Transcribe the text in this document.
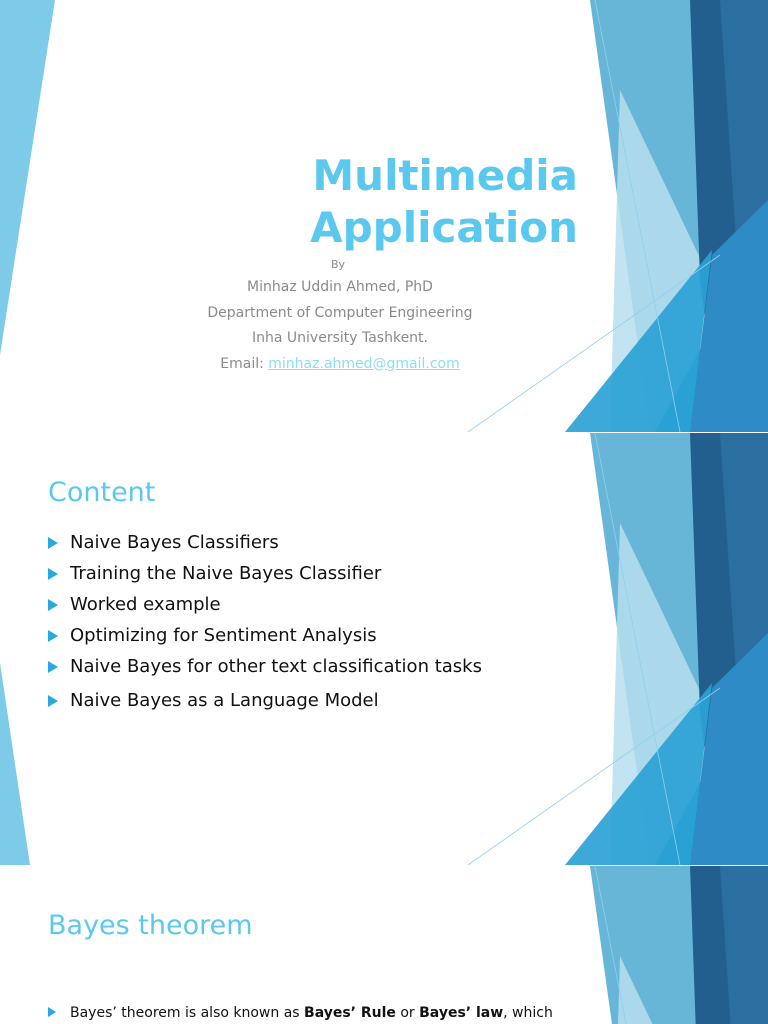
Multimedia
Application
By
Minhaz Uddin Ahmed, PhD
Department of Computer Engineering
Inha University Tashkent.
Email: minhaz.ahmed@gmail.com
Content
Naive Bayes Classifiers
Training the Naive Bayes Classifier
Worked example
Optimizing for Sentiment Analysis
Naive Bayes for other text classification tasks
Naive Bayes as a Language Model
Bayes theorem
Bayes’ theorem is also known as Bayes’ Rule or Bayes’ law, which
